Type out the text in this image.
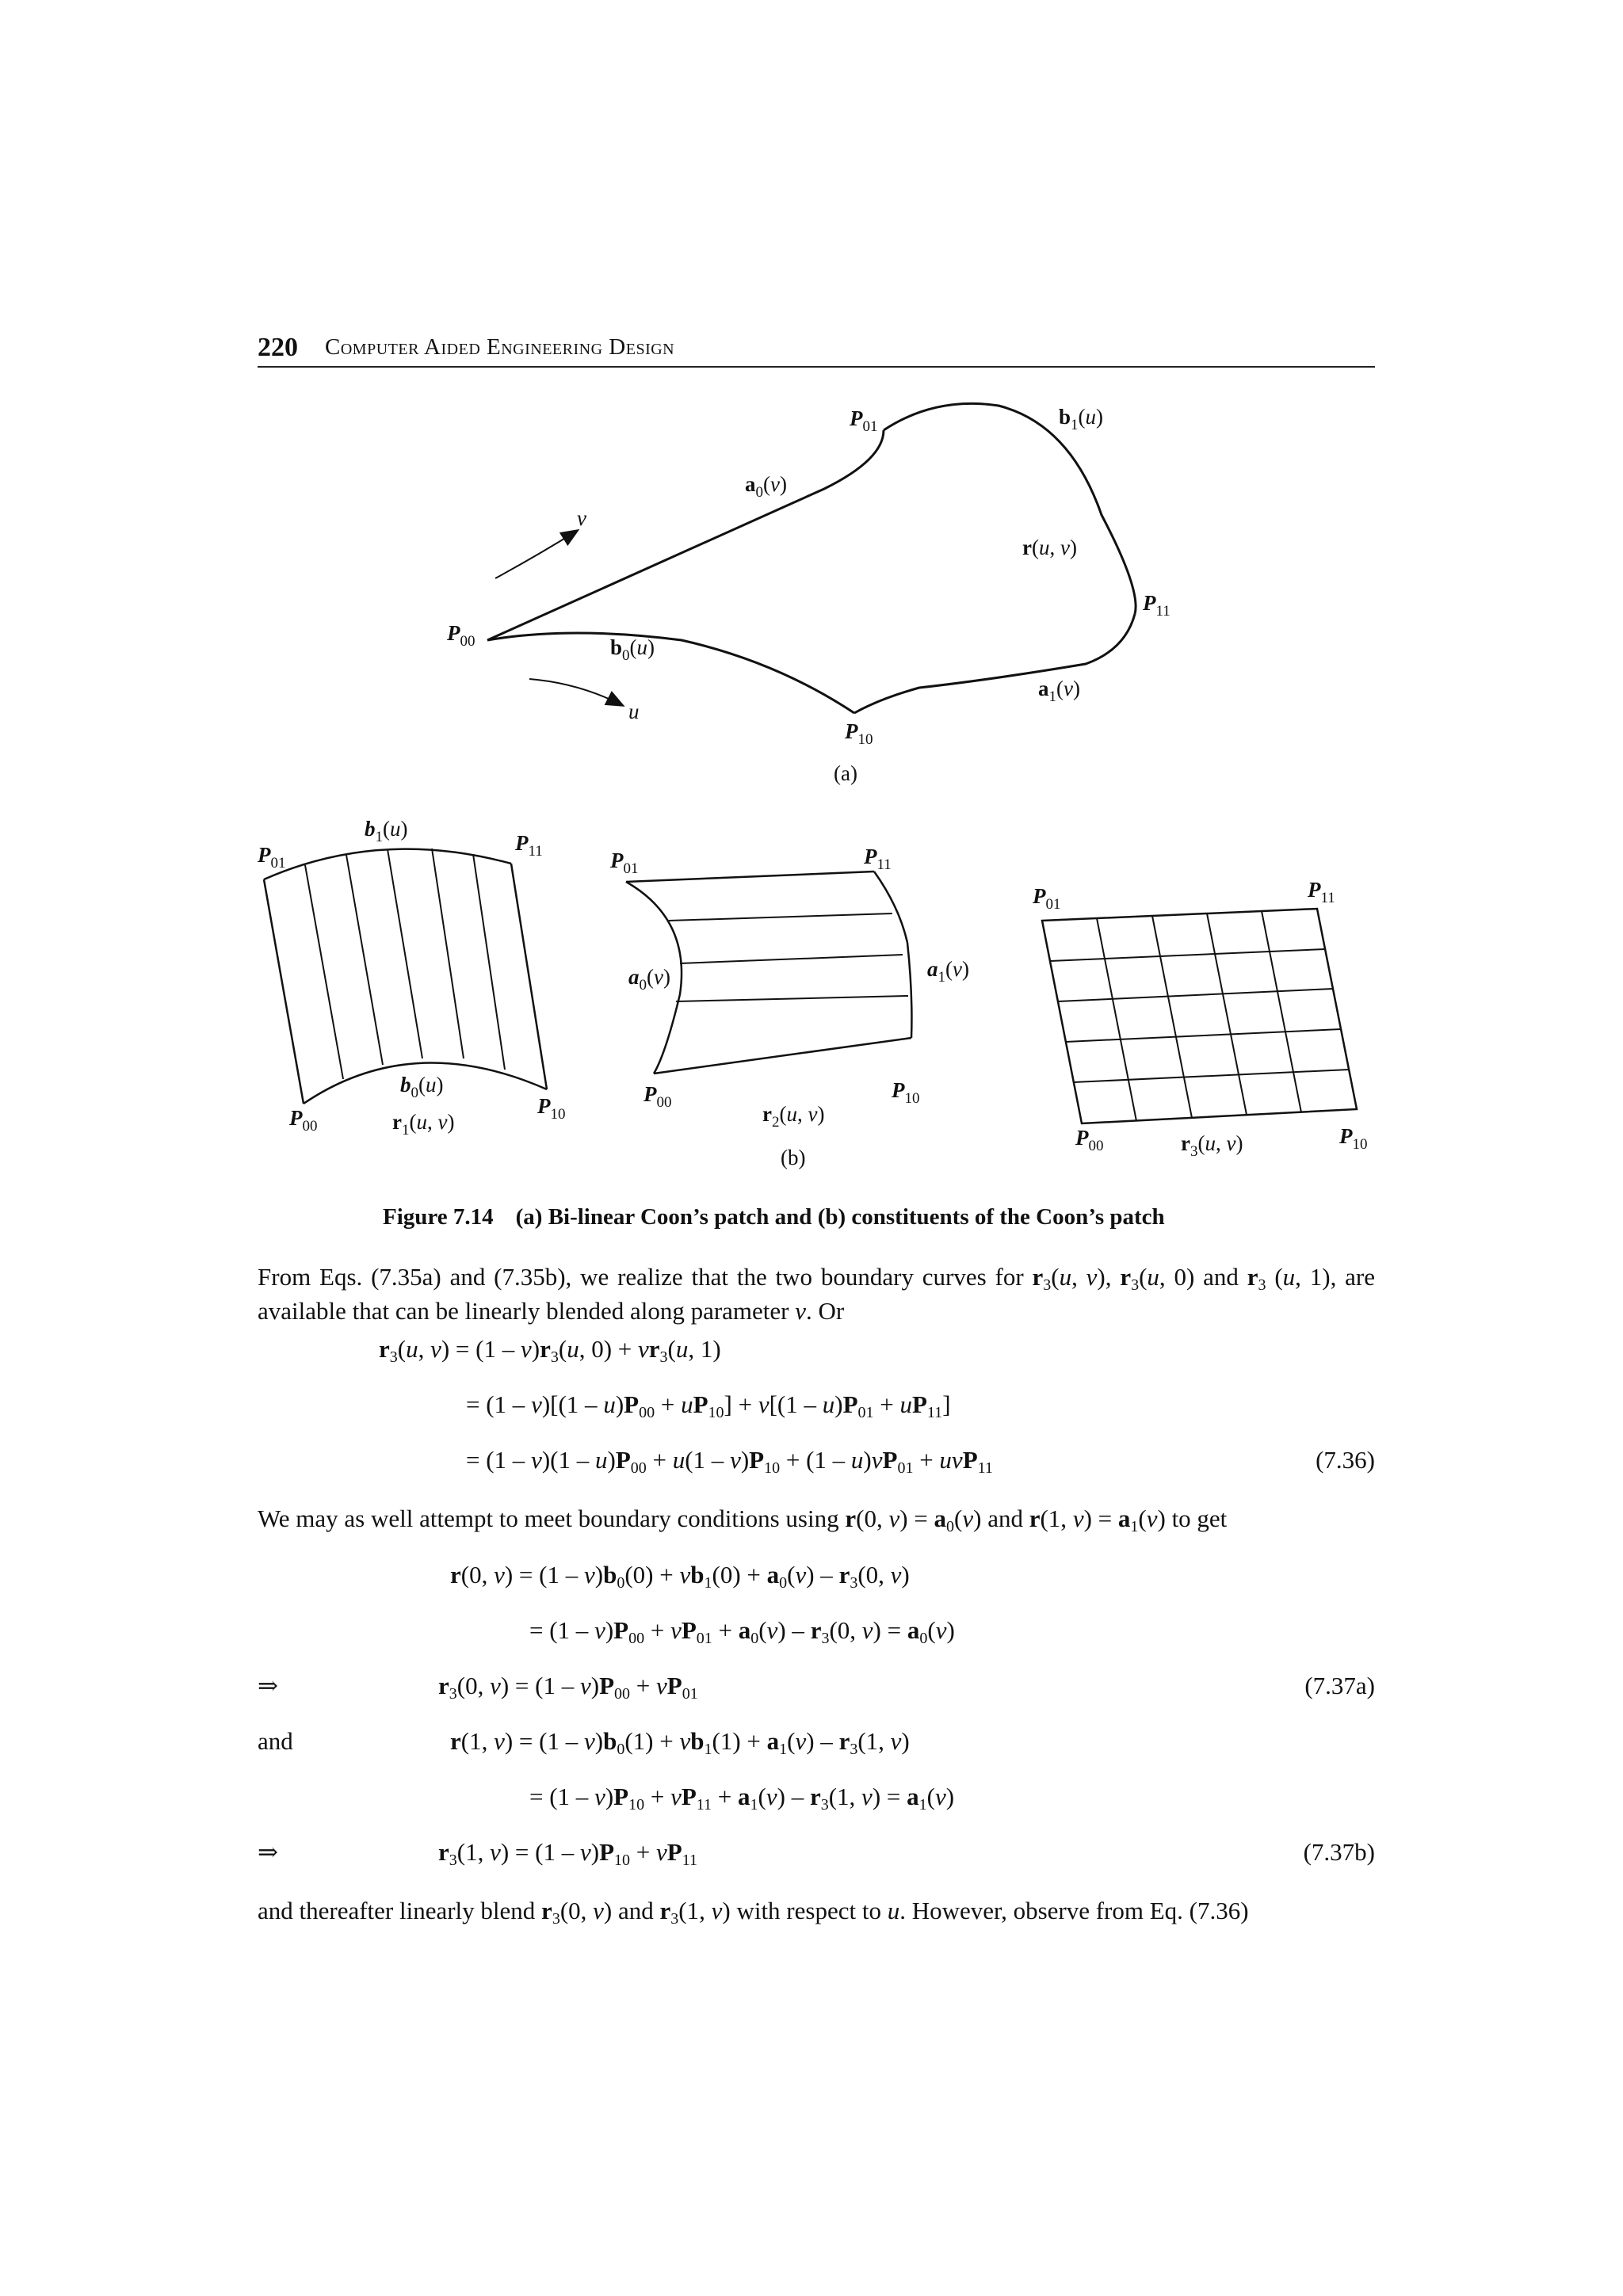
220 Computer Aided Engineering Design
$P_{01}$	$b_1(u)$
$a_0(v)$
v
r(u, v)
$P_{11}$
$P_{00}$	$b_0(u)$
$a_1(v)$
u
$P_{10}$
(a)
$P_{01}$
$b_1(u)$
$P_{11}$
$b_0(u)$
$P_{00}$	$r_1(u$, v)
$P_{10}$
$P_{01}$
$P_{11}$
$a_0(v)$	$a_1(v)$
$P_{00}$
$P_{10}$
$r_2(u$, v)
(b)
$P_{01}$
$P_{11}$
$P_{00}$	$r_3(u$, v)	$P_{10}$
Figure 7.14 (a) Bi-linear Coon’s patch and (b) constituents of the Coon’s patch
From Eqs. (7.35a) and (7.35b), we realize that the two boundary curves for $r_3(u$, v), $r_3(u$, 0) and $r_3$ (u, 1), are available that can be linearly blended along parameter v. Or
$r_3(u$, $v) = (1 - v)r_3(u$, $0) + vr_3(u$, 1)
= $(1 - v)[(1 - u)P_{00} + uP_{10}] + v[(1 - u)P_{01} + uP_{11}]$
= $(1 - v)(1 - u)P_{00} + u(1 - v)P_{10} + (1 - u)vP_{01} + uvP_{11}$	(7.36)
We may as well attempt to meet boundary conditions using r(0, $v) = a_0(v)$ and r(1, $v) = a_1(v)$ to get
r(0, $v) = (1 - v)b_0(0) + vb_1(0) + a_0(v) - r_3(0$, v)
= $(1 - v)P_{00} + vP_{01} + a_0(v) - r_3(0$, $v) = a_0(v)$
⇒	$r_3(0$, $v) = (1 - v)P_{00} + vP_{01}$	(7.37a)
and	r(1, $v) = (1 - v)b_0(1) + vb_1(1) + a_1(v) - r_3(1$, v)
= $(1 - v)P_{10} + vP_{11} + a_1(v) - r_3(1$, $v) = a_1(v)$
⇒	$r_3(1$, $v) = (1 - v)P_{10} + vP_{11}$	(7.37b)
and thereafter linearly blend $r_3(0$, v) and $r_3(1$, v) with respect to u. However, observe from Eq. (7.36)
